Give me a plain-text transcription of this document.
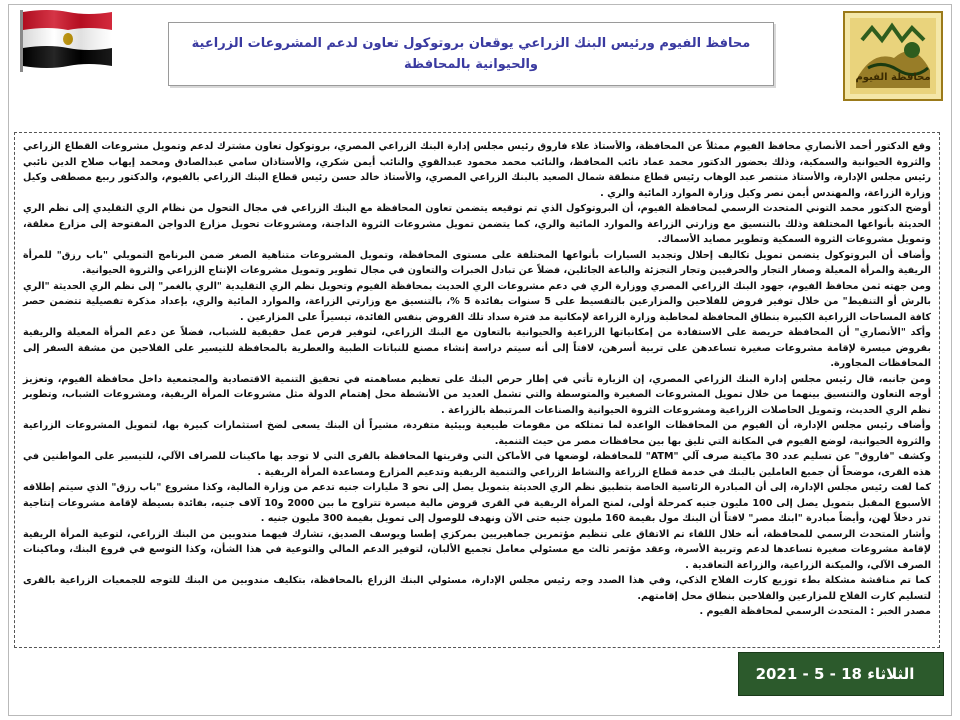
محافظة الفيوم
محافظ الفيوم ورئيس البنك الزراعي يوقعان بروتوكول تعاون لدعم المشروعات الزراعية
والحيوانية بالمحافظة

وقع الدكتور أحمد الأنصاري محافظ الفيوم ممثلاً عن المحافظة، والأستاذ علاء فاروق رئيس مجلس إدارة البنك الزراعي المصري، بروتوكول تعاون مشترك لدعم وتمويل مشروعات القطاع الزراعي والثروة الحيوانية والسمكية، وذلك بحضور الدكتور محمد عماد نائب المحافظ، والنائب محمد محمود عبدالقوي والنائب أيمن شكري، والأستاذان سامي عبدالصادق ومحمد إيهاب صلاح الدين نائبي رئيس مجلس الإدارة، والأستاذ منتصر عبد الوهاب رئيس قطاع منطقة شمال الصعيد بالبنك الزراعي المصري، والأستاذ خالد حسن رئيس قطاع البنك الزراعي بالفيوم، والدكتور ربيع مصطفى وكيل وزارة الزراعة، والمهندس أيمن نصر وكيل وزارة الموارد المائية والري .

أوضح الدكتور محمد التوني المتحدث الرسمي لمحافظة الفيوم، أن البروتوكول الذي تم توقيعه يتضمن تعاون المحافظة مع البنك الزراعي في مجال التحول من نظام الري التقليدي إلى نظم الري الحديثة بأنواعها المختلفة وذلك بالتنسيق مع وزارتي الزراعة والموارد المائية والري، كما يتضمن تمويل مشروعات الثروة الداجنة، ومشروعات تحويل مزارع الدواجن المفتوحة إلى مزارع مغلقة، وتمويل مشروعات الثروة السمكية وتطوير مصايد الأسماك.

وأضاف أن البروتوكول يتضمن تمويل تكاليف إحلال وتجديد السيارات بأنواعها المختلفة على مستوى المحافظة، وتمويل المشروعات متناهية الصغر ضمن البرنامج التمويلي "باب رزق" للمرأة الريفية والمرأة المعيلة وصغار التجار والحرفيين وتجار التجزئة والباعة الجائلين، فضلاً عن تبادل الخبرات والتعاون في مجال تطوير وتمويل مشروعات الإنتاج الزراعي والثروة الحيوانية.

ومن جهته ثمن محافظ الفيوم، جهود البنك الزراعي المصري ووزارة الري في دعم مشروعات الري الحديث بمحافظة الفيوم وتحويل نظم الري التقليدية "الري بالغمر" إلى نظم الري الحديثة "الري بالرش أو التنقيط" من خلال توفير قروض للفلاحين والمزارعين بالتقسيط على 5 سنوات بفائدة 5 %، بالتنسيق مع وزارتي الزراعة، والموارد المائية والري، بإعداد مذكرة تفصيلية تتضمن حصر كافة المساحات الزراعية الكبيرة بنطاق المحافظة لمخاطبة وزارة الزراعة لإمكانية مد فترة سداد تلك القروض بنفس الفائدة، تيسيراً على المزارعين .

وأكد "الأنصاري" أن المحافظة حريصة على الاستفادة من إمكانياتها الزراعية والحيوانية بالتعاون مع البنك الزراعي، لتوفير فرص عمل حقيقية للشباب، فضلاً عن دعم المرأة المعيلة والريفية بقروض ميسرة لإقامة مشروعات صغيرة تساعدهن على تربية أسرهن، لافتاً إلى أنه سيتم دراسة إنشاء مصنع للنباتات الطبية والعطرية بالمحافظة للتيسير على الفلاحين من مشقة السفر إلى المحافظات المجاورة.

ومن جانبه، قال رئيس مجلس إدارة البنك الزراعي المصري، إن الزيارة تأتي في إطار حرص البنك على تعظيم مساهمته في تحقيق التنمية الاقتصادية والمجتمعية داخل محافظة الفيوم، وتعزيز أوجه التعاون والتنسيق بينهما من خلال تمويل المشروعات الصغيرة والمتوسطة والتي تشمل العديد من الأنشطة محل إهتمام الدولة مثل مشروعات المرأة الريفية، ومشروعات الشباب، وتطوير نظم الري الحديث، وتمويل الحاصلات الزراعية ومشروعات الثروة الحيوانية والصناعات المرتبطة بالزراعة .

وأضاف رئيس مجلس الإدارة، أن الفيوم من المحافظات الواعدة لما تمتلكه من مقومات طبيعية وبيئية متفردة، مشيراً أن البنك يسعى لضخ استثمارات كبيرة بها، لتمويل المشروعات الزراعية والثروة الحيوانية، لوضع الفيوم في المكانة التي تليق بها بين محافظات مصر من حيث التنمية.

وكشف "فاروق" عن تسليم عدد 30 ماكينة صرف آلي "ATM" للمحافظة، لوضعها في الأماكن التي وقريتها المحافظة بالقرى التي لا توجد بها ماكينات للصراف الآلي، للتيسير على المواطنين في هذه القرى، موضحاً أن جميع العاملين بالبنك في خدمة قطاع الزراعة والنشاط الزراعي والتنمية الريفية وتدعيم المزارع ومساعدة المرأة الريفية .

كما لفت رئيس مجلس الإدارة، إلى أن المبادرة الرئاسية الخاصة بتطبيق نظم الري الحديثة بتمويل يصل إلى نحو 3 مليارات جنيه تدعم من وزارة المالية، وكذا مشروع "باب رزق" الذي سيتم إطلاقه الأسبوع المقبل بتمويل يصل إلى 100 مليون جنيه كمرحلة أولى، لمنح المرأة الريفية في القرى قروض مالية ميسرة تتراوح ما بين 2000 و10 آلاف جنيه، بفائدة بسيطة لإقامة مشروعات إنتاجية تدر دخلاً لهن، وأيضاً مبادرة "ابنك مصر" لافتاً أن البنك مول بقيمة 160 مليون جنيه حتى الآن ونهدف للوصول إلى تمويل بقيمة 300 مليون جنيه .

وأشار المتحدث الرسمي للمحافظة، أنه خلال اللقاء تم الاتفاق على تنظيم مؤتمرين جماهيريين بمركزي إطسا ويوسف الصديق، تشارك فيهما مندوبين من البنك الزراعي، لتوعية المرأة الريفية لإقامة مشروعات صغيرة تساعدها لدعم وتربية الأسرة، وعقد مؤتمر ثالث مع مسئولي معامل تجميع الألبان، لتوفير الدعم المالي والتوعية في هذا الشأن، وكذا التوسع في فروع البنك، وماكينات الصرف الآلي، والميكنة الزراعية، والزراعة التعاقدية .

كما تم مناقشة مشكلة بطء توزيع كارت الفلاح الذكي، وفي هذا الصدد وجه رئيس مجلس الإدارة، مسئولي البنك الزراع بالمحافظة، بتكليف مندوبين من البنك للتوجه للجمعيات الزراعية بالقرى لتسليم كارت الفلاح للمزارعين والفلاحين بنطاق محل إقامتهم.

مصدر الخبر : المتحدث الرسمي لمحافظة الفيوم .

الثلاثاء 18 - 5 - 2021
